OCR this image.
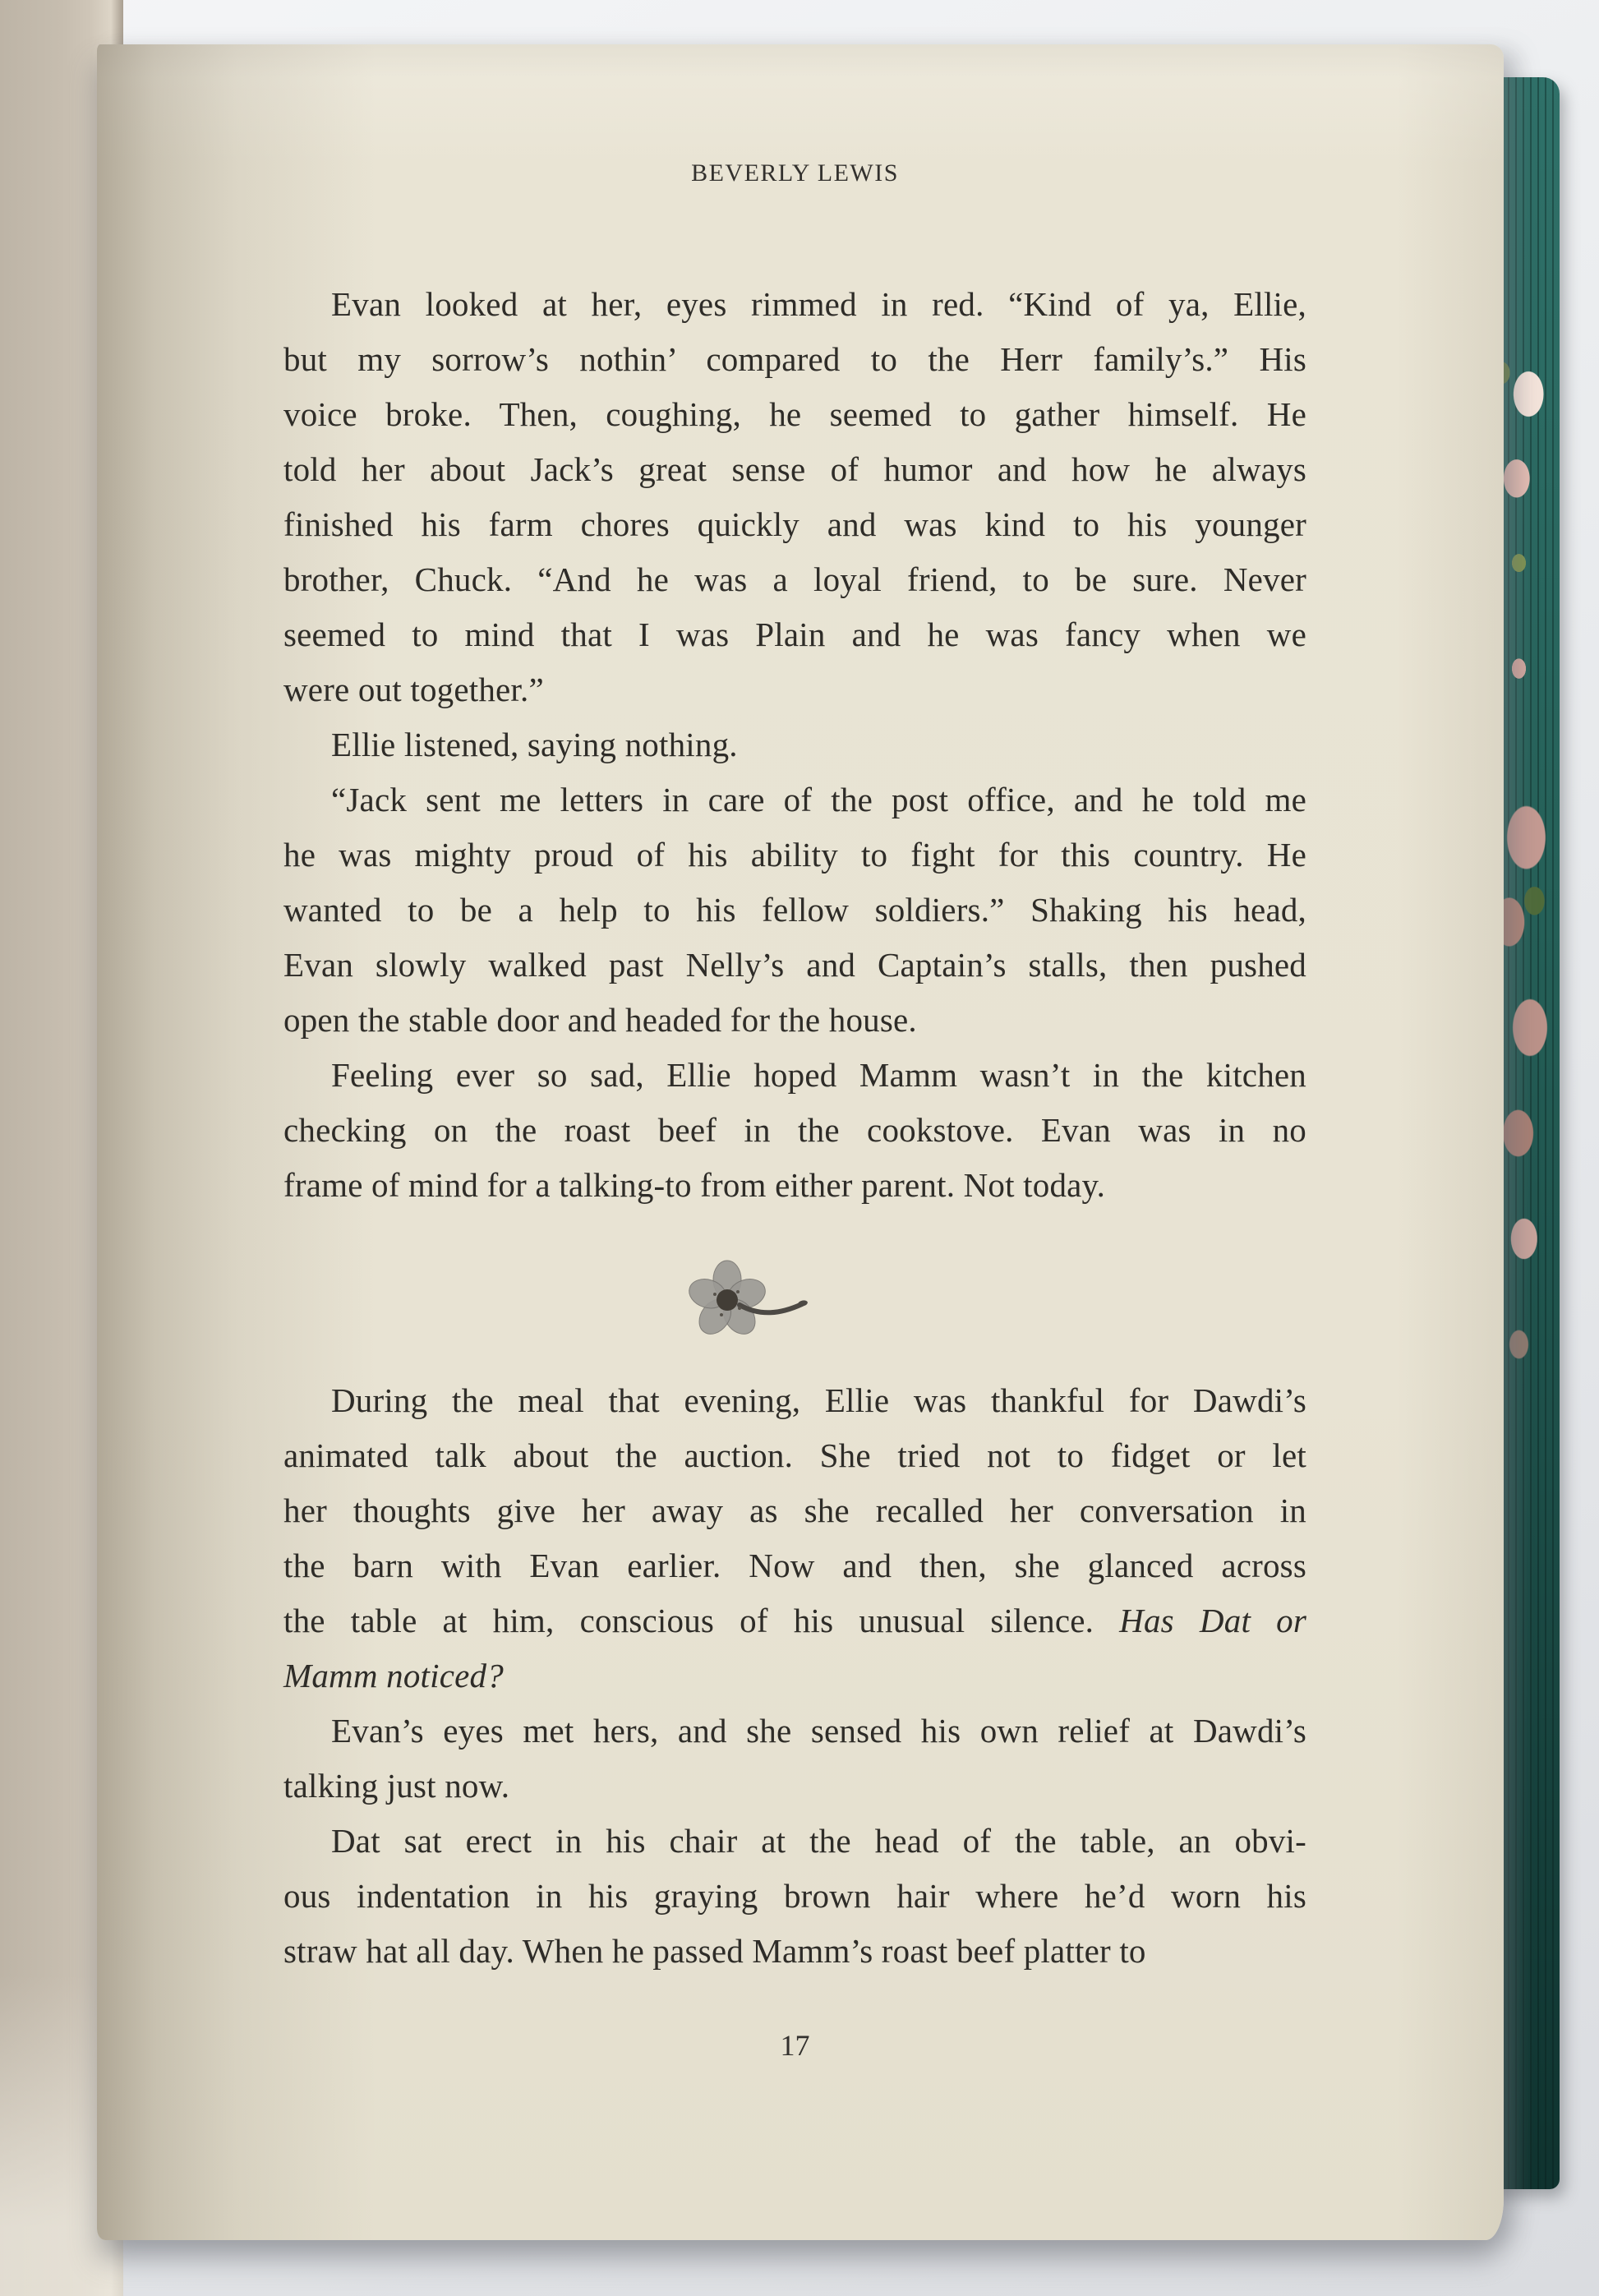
BEVERLY LEWIS
Evan looked at her, eyes rimmed in red. “Kind of ya, Ellie,
but my sorrow’s nothin’ compared to the Herr family’s.” His
voice broke. Then, coughing, he seemed to gather himself. He
told her about Jack’s great sense of humor and how he always
finished his farm chores quickly and was kind to his younger
brother, Chuck. “And he was a loyal friend, to be sure. Never
seemed to mind that I was Plain and he was fancy when we
were out together.”
Ellie listened, saying nothing.
“Jack sent me letters in care of the post office, and he told me
he was mighty proud of his ability to fight for this country. He
wanted to be a help to his fellow soldiers.” Shaking his head,
Evan slowly walked past Nelly’s and Captain’s stalls, then pushed
open the stable door and headed for the house.
Feeling ever so sad, Ellie hoped Mamm wasn’t in the kitchen
checking on the roast beef in the cookstove. Evan was in no
frame of mind for a talking-to from either parent. Not today.
During the meal that evening, Ellie was thankful for Dawdi’s
animated talk about the auction. She tried not to fidget or let
her thoughts give her away as she recalled her conversation in
the barn with Evan earlier. Now and then, she glanced across
the table at him, conscious of his unusual silence. Has Dat or
Mamm noticed?
Evan’s eyes met hers, and she sensed his own relief at Dawdi’s
talking just now.
Dat sat erect in his chair at the head of the table, an obvi-
ous indentation in his graying brown hair where he’d worn his
straw hat all day. When he passed Mamm’s roast beef platter to
17
